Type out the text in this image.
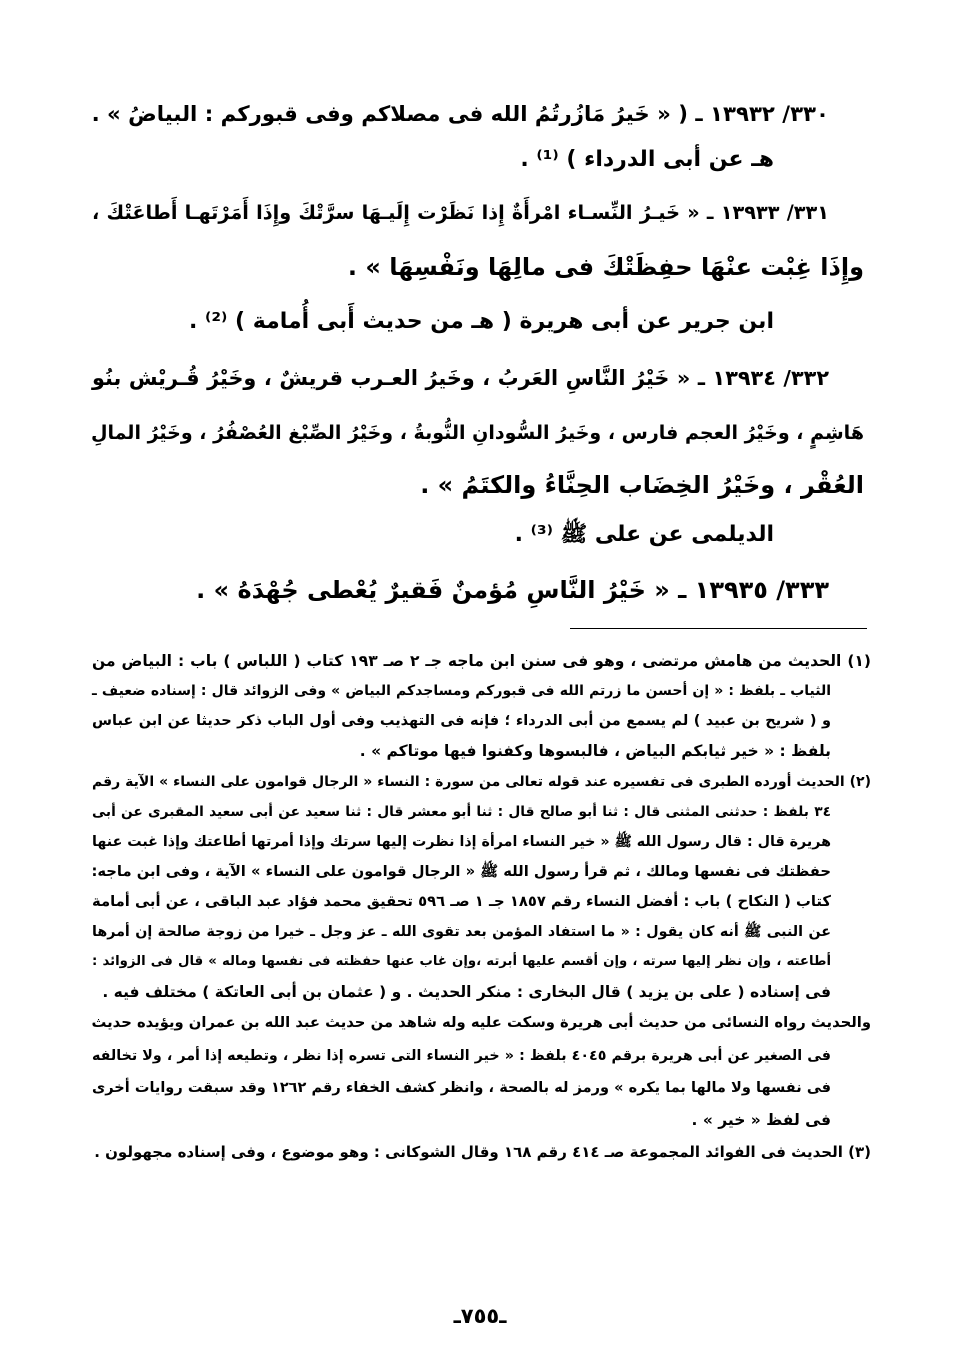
٣٣٠/ ١٣٩٣٢ ـ ( « خَيرُ مَازُرتُمُ الله فى مصلاكم وفى قبوركم : البياضُ » .
هـ عن أبى الدرداء ) ⁽¹⁾ .
٣٣١/ ١٣٩٣٣ ـ « خَيـرُ النِّسـاء امْرأَةٌ إِذا نَظَرْت إِلَيـهَا سرَّتْكَ وإِذَا أَمَرْتَهـا أَطاعَتْكَ ،
وإِذَا غِبْت عنْهَا حفِظَتْكَ فى مالِهَا ونَفْسِهَا » .
ابن جرير عن أبى هريرة ( هـ من حديث أَبى أُمامة ) ⁽²⁾ .
٣٣٢/ ١٣٩٣٤ ـ « خَيْرُ النَّاسِ العَربُ ، وخَيرُ العـرب قريشٌ ، وخَيْرُ قُـريْش بنُو
هَاشِمٍ ، وخَيْرُ العجم فارس ، وخَيرُ السُّودانِ النُّوبةُ ، وخَيْرُ الصِّبْغ العُصْفُرُ ، وخَيْرُ المالِ
العُقْر ، وخَيْرُ الخِضَاب الحِنَّاءُ والكتَمُ » .
الديلمى عن على ﷺ ⁽³⁾ .
٣٣٣/ ١٣٩٣٥ ـ « خَيْرُ النَّاسِ مُؤمنٌ فَقيرٌ يُعْطى جُهْدَهُ » .
(١) الحديث من هامش مرتضى ، وهو فى سنن ابن ماجه جـ ٢ صـ ١٩٣ كتاب ( اللباس ) باب : البياض من
الثياب ـ بلفظ : « إن أحسن ما زرتم الله فى قبوركم ومساجدكم البياض » وفى الزوائد قال : إسناده ضعيف ـ
و ( شريح بن عبيد ) لم يسمع من أبى الدرداء ؛ فإنه فى التهذيب وفى أول الباب ذكر حديثا عن ابن عباس
بلفظ : « خير ثيابكم البياض ، فالبسوها وكفنوا فيها موتاكم » .
(٢) الحديث أورده الطبرى فى تفسيره عند قوله تعالى من سورة : النساء « الرجال قوامون على النساء » الآية رقم
٣٤ بلفظ : حدثنى المثنى قال : ثنا أبو صالح قال : ثنا أبو معشر قال : ثنا سعيد عن أبى سعيد المقبرى عن أبى
هريرة قال : قال رسول الله ﷺ « خير النساء امرأة إذا نظرت إليها سرتك وإذا أمرتها أطاعتك وإذا غبت عنها
حفظتك فى نفسها ومالك ، ثم قرأ رسول الله ﷺ « الرجال قوامون على النساء » الآية ، وفى ابن ماجه:
كتاب ( النكاح ) باب : أفضل النساء رقم ١٨٥٧ جـ ١ صـ ٥٩٦ تحقيق محمد فؤاد عبد الباقى ، عن أبى أمامة
عن النبى ﷺ أنه كان يقول : « ما استفاد المؤمن بعد تقوى الله ـ عز وجل ـ خيرا من زوجة صالحة إن أمرها
أطاعته ، وإن نظر إليها سرته ، وإن أقسم عليها أبرته ،وإن غاب عنها حفظته فى نفسها وماله » قال فى الزوائد :
فى إسناده ( على بن يزيد ) قال البخارى : منكر الحديث . و ( عثمان بن أبى العاتكة ) مختلف فيه .
والحديث رواه النسائى من حديث أبى هريرة وسكت عليه وله شاهد من حديث عبد الله بن عمران ويؤيده حديث
فى الصغير عن أبى هريرة برقم ٤٠٤٥ بلفظ : « خير النساء التى تسره إذا نظر ، وتطيعه إذا أمر ، ولا تخالفه
فى نفسها ولا مالها بما يكره » ورمز له بالصحة ، وانظر كشف الخفاء رقم ١٢٦٢ وقد سبقت روايات أخرى
فى لفظ « خير » .
(٣) الحديث فى الفوائد المجموعة صـ ٤١٤ رقم ١٦٨ وقال الشوكانى : وهو موضوع ، وفى إسناده مجهولون .
ـ٧٥٥ـ
